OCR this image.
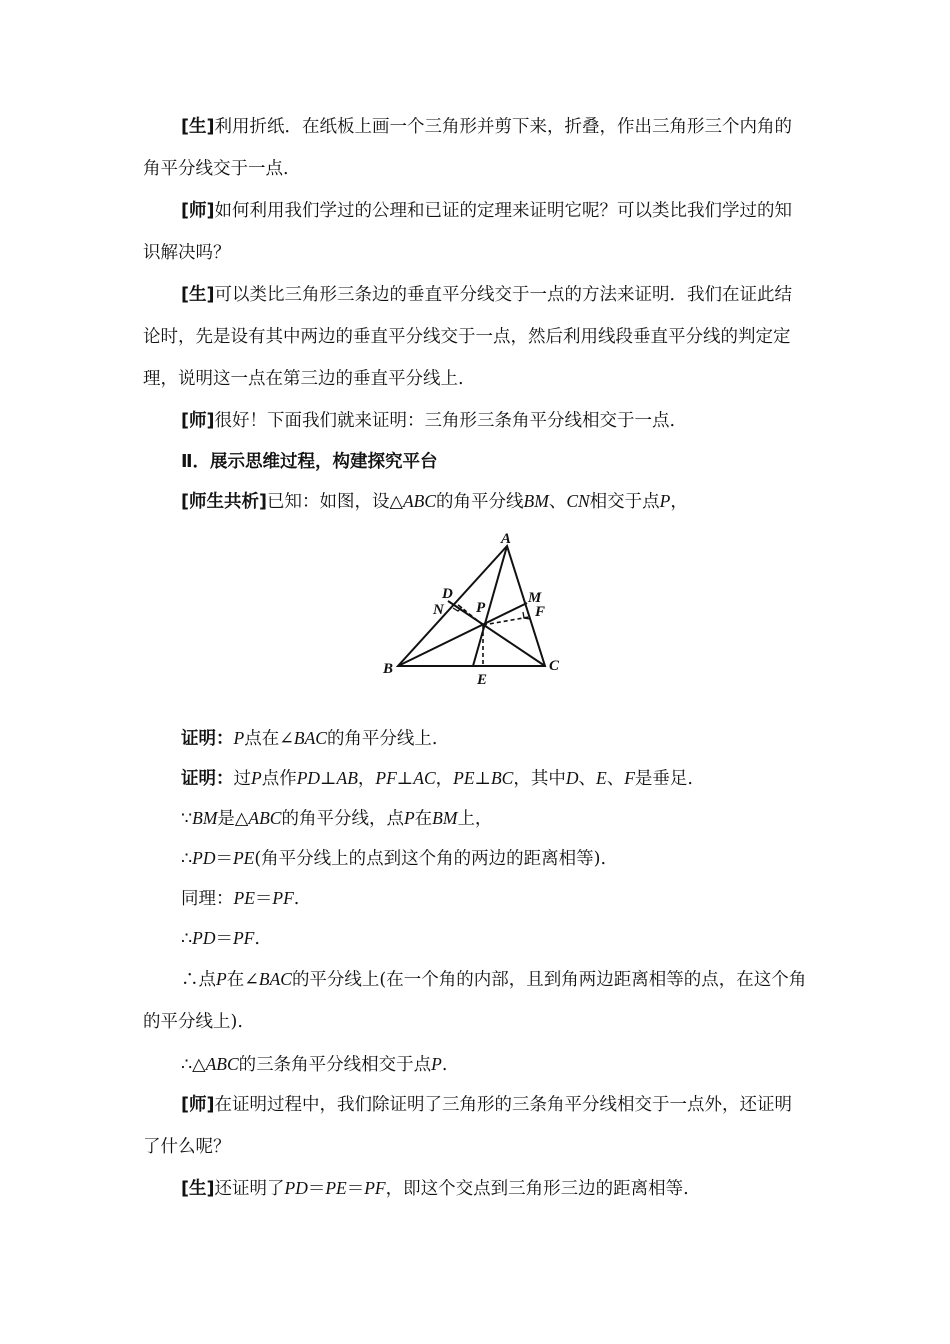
[生]利用折纸．在纸板上画一个三角形并剪下来，折叠，作出三角形三个内角的角平分线交于一点.

[师]如何利用我们学过的公理和已证的定理来证明它呢？可以类比我们学过的知识解决吗？

[生]可以类比三角形三条边的垂直平分线交于一点的方法来证明．我们在证此结论时，先是设有其中两边的垂直平分线交于一点，然后利用线段垂直平分线的判定定理，说明这一点在第三边的垂直平分线上.

[师]很好！下面我们就来证明：三角形三条角平分线相交于一点.

Ⅱ．展示思维过程，构建探究平台

[师生共析]已知：如图，设△ABC的角平分线BM、CN相交于点P，

A
B	C
D
E
F
M
N P

证明：P点在∠BAC的角平分线上.

证明：过P点作PD⊥AB，PF⊥AC，PE⊥BC，其中D、E、F是垂足.

∵BM是△ABC的角平分线，点P在BM上，

∴PD＝PE(角平分线上的点到这个角的两边的距离相等).

同理：PE＝PF.

∴PD＝PF.

∴点P在∠BAC的平分线上(在一个角的内部，且到角两边距离相等的点，在这个角的平分线上).

∴△ABC的三条角平分线相交于点P.

[师]在证明过程中，我们除证明了三角形的三条角平分线相交于一点外，还证明了什么呢？

[生]还证明了PD＝PE＝PF，即这个交点到三角形三边的距离相等.
